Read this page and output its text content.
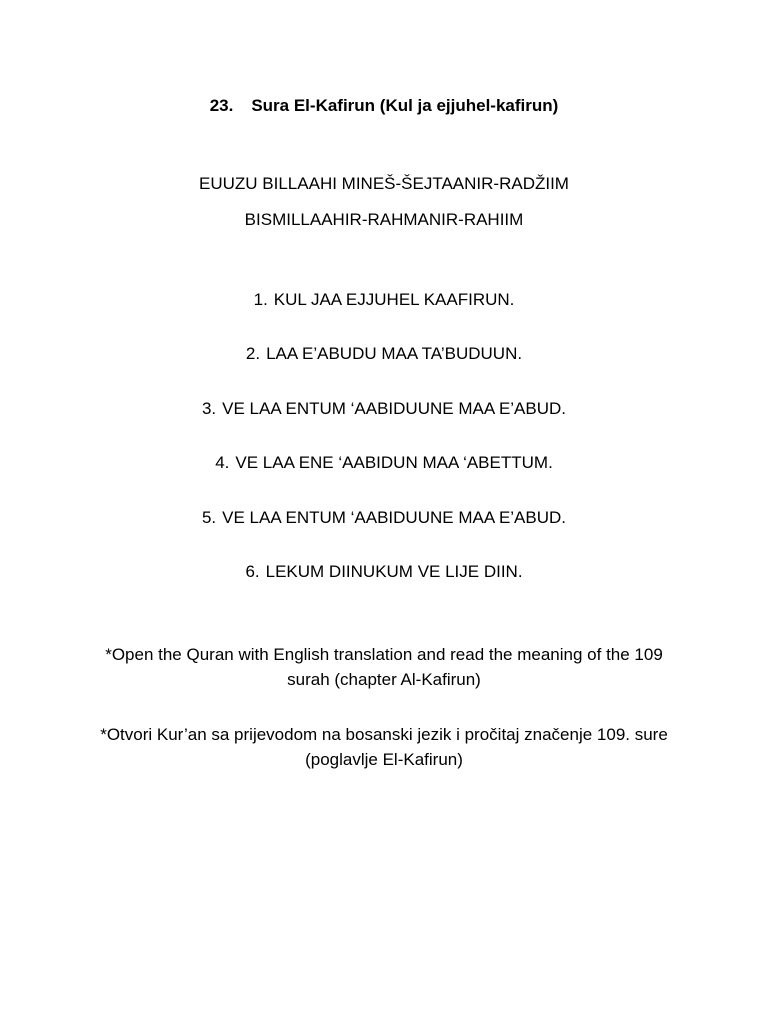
23. Sura El-Kafirun (Kul ja ejjuhel-kafirun)
EUUZU BILLAAHI MINEŠ-ŠEJTAANIR-RADŽIIM
BISMILLAAHIR-RAHMANIR-RAHIIM
1. KUL JAA EJJUHEL KAAFIRUN.
2. LAA E’ABUDU MAA TA’BUDUUN.
3. VE LAA ENTUM ‘AABIDUUNE MAA E’ABUD.
4. VE LAA ENE ‘AABIDUN MAA ‘ABETTUM.
5. VE LAA ENTUM ‘AABIDUUNE MAA E’ABUD.
6. LEKUM DIINUKUM VE LIJE DIIN.
*Open the Quran with English translation and read the meaning of the 109 surah (chapter Al-Kafirun)
*Otvori Kur’an sa prijevodom na bosanski jezik i pročitaj značenje 109. sure (poglavlje El-Kafirun)
